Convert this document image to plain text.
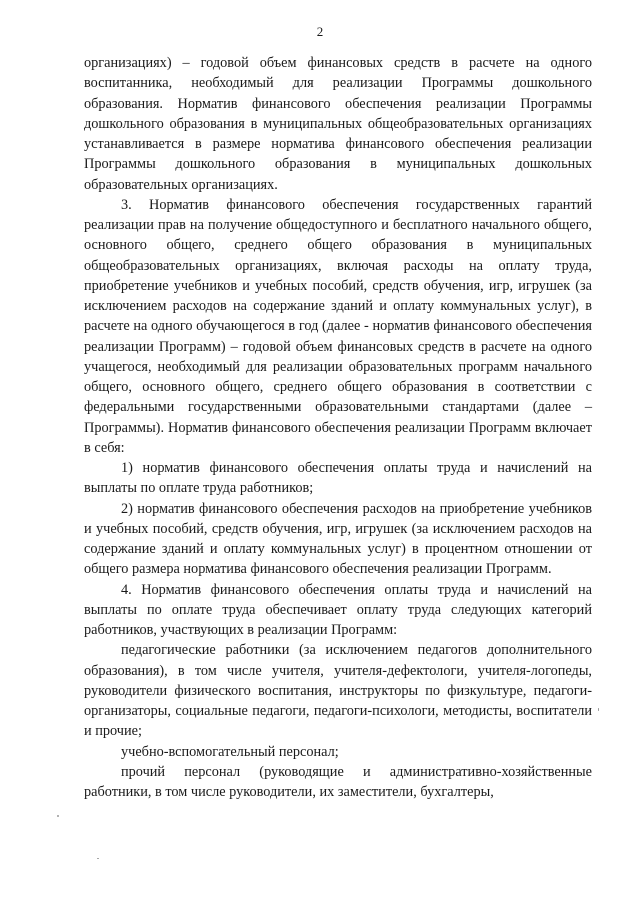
2

организациях) – годовой объем финансовых средств в расчете на одного воспитанника, необходимый для реализации Программы дошкольного образования. Норматив финансового обеспечения реализации Программы дошкольного образования в муниципальных общеобразовательных организациях устанавливается в размере норматива финансового обеспечения реализации Программы дошкольного образования в муниципальных дошкольных образовательных организациях.

3. Норматив финансового обеспечения государственных гарантий реализации прав на получение общедоступного и бесплатного начального общего, основного общего, среднего общего образования в муниципальных общеобразовательных организациях, включая расходы на оплату труда, приобретение учебников и учебных пособий, средств обучения, игр, игрушек (за исключением расходов на содержание зданий и оплату коммунальных услуг), в расчете на одного обучающегося в год (далее - норматив финансового обеспечения реализации Программ) – годовой объем финансовых средств в расчете на одного учащегося, необходимый для реализации образовательных программ начального общего, основного общего, среднего общего образования в соответствии с федеральными государственными образовательными стандартами (далее – Программы). Норматив финансового обеспечения реализации Программ включает в себя:

1) норматив финансового обеспечения оплаты труда и начислений на выплаты по оплате труда работников;

2) норматив финансового обеспечения расходов на приобретение учебников и учебных пособий, средств обучения, игр, игрушек (за исключением расходов на содержание зданий и оплату коммунальных услуг) в процентном отношении от общего размера норматива финансового обеспечения реализации Программ.

4. Норматив финансового обеспечения оплаты труда и начислений на выплаты по оплате труда обеспечивает оплату труда следующих категорий работников, участвующих в реализации Программ:

педагогические работники (за исключением педагогов дополнительного образования), в том числе учителя, учителя-дефектологи, учителя-логопеды, руководители физического воспитания, инструкторы по физкультуре, педагоги-организаторы, социальные педагоги, педагоги-психологи, методисты, воспитатели и прочие;

учебно-вспомогательный персонал;

прочий персонал (руководящие и административно-хозяйственные работники, в том числе руководители, их заместители, бухгалтеры,
